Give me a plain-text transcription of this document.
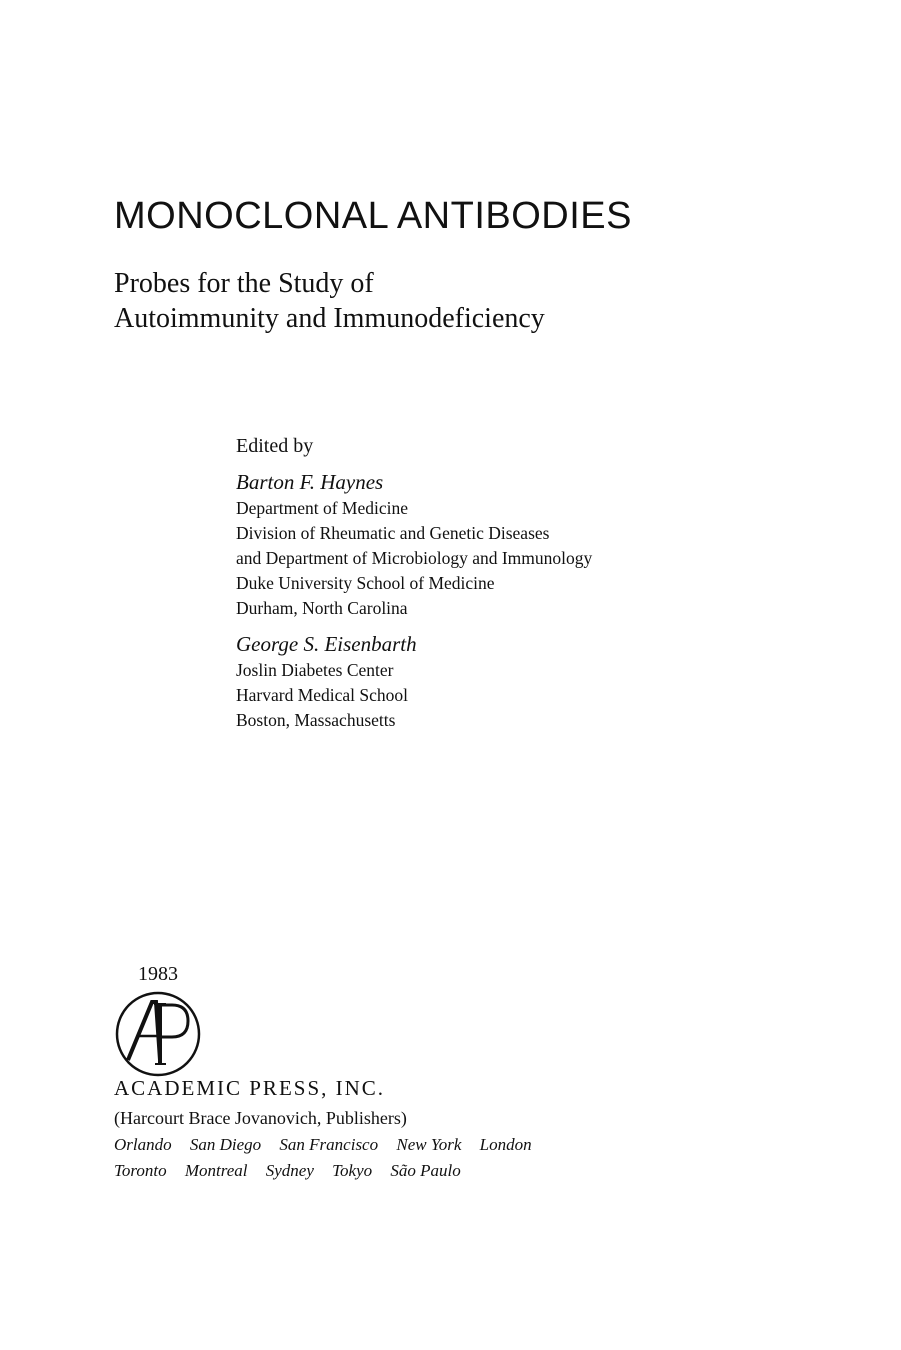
MONOCLONAL ANTIBODIES
Probes for the Study of
Autoimmunity and Immunodeficiency
Edited by
Barton F. Haynes
Department of Medicine
Division of Rheumatic and Genetic Diseases
and Department of Microbiology and Immunology
Duke University School of Medicine
Durham, North Carolina
George S. Eisenbarth
Joslin Diabetes Center
Harvard Medical School
Boston, Massachusetts
1983
ACADEMIC PRESS, INC.
(Harcourt Brace Jovanovich, Publishers)
Orlando San Diego San Francisco New York London
Toronto Montreal Sydney Tokyo São Paulo
